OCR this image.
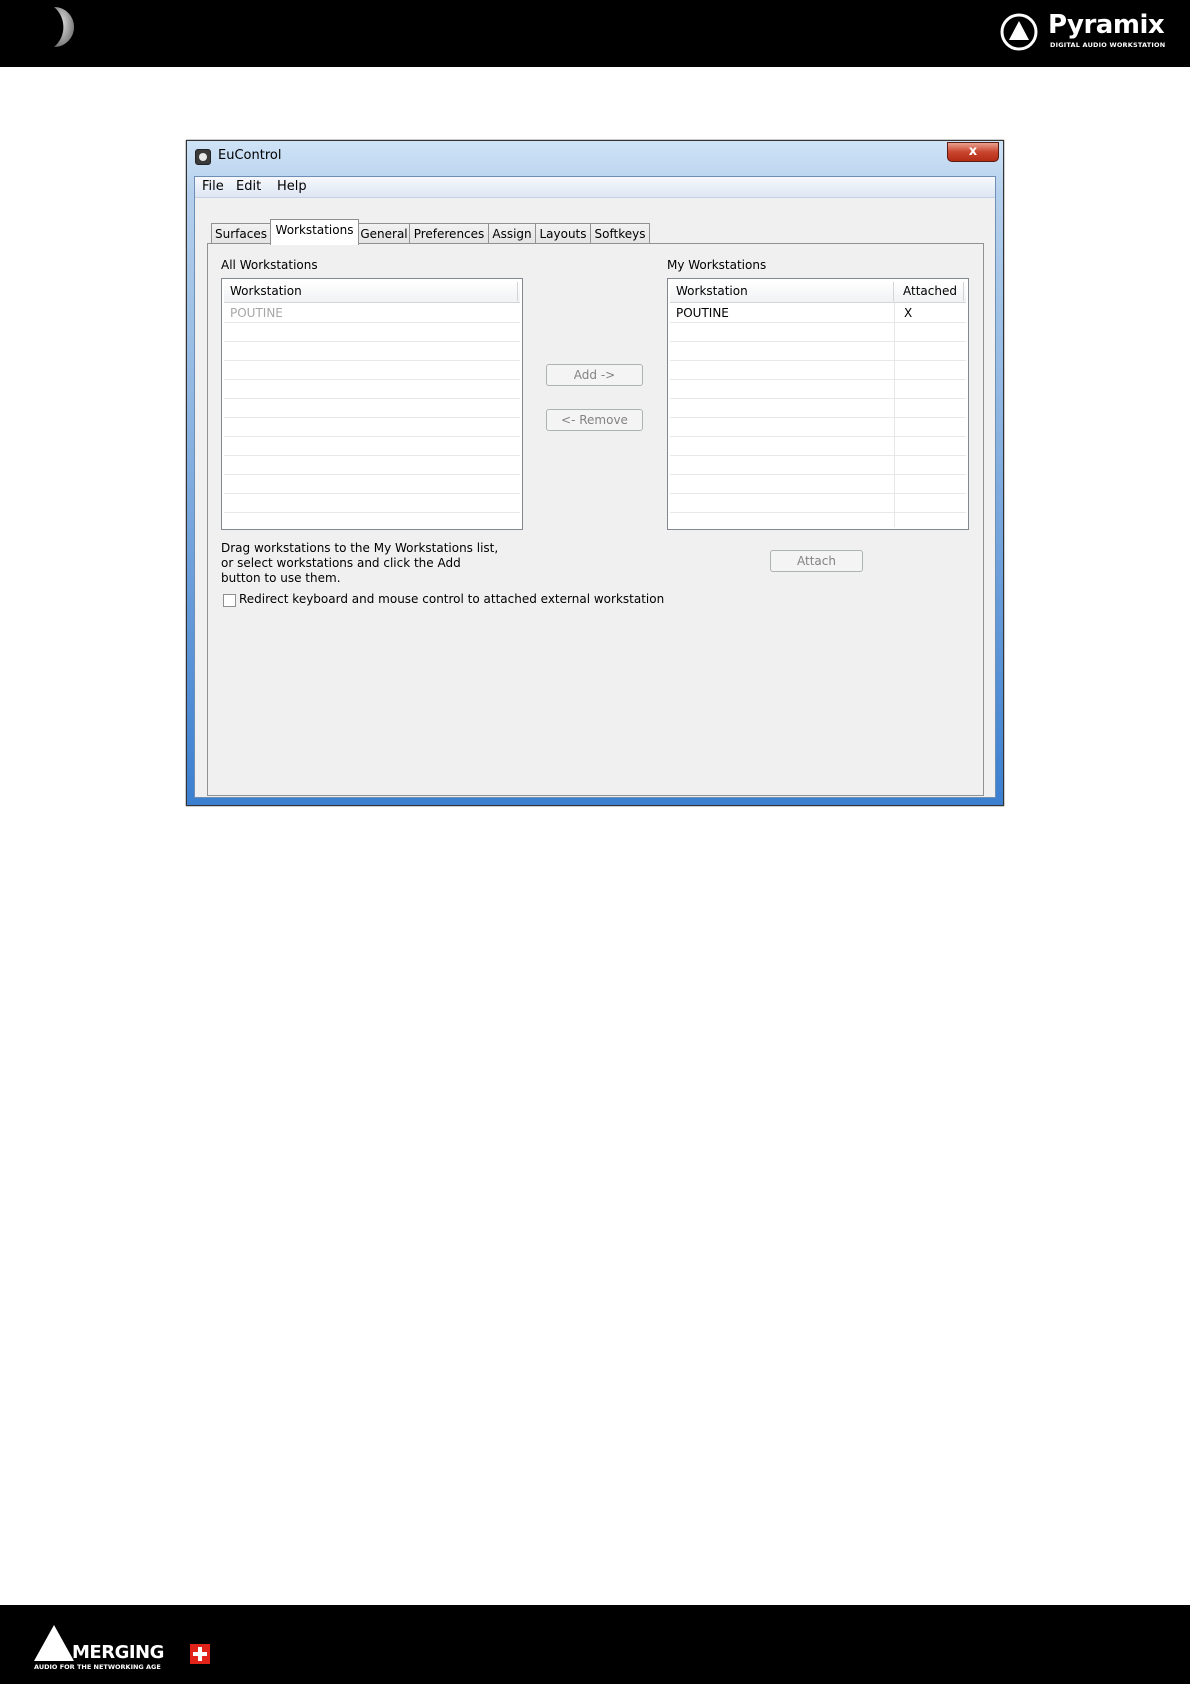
Pyramix
DIGITAL AUDIO WORKSTATION
EuControl	x
File Edit Help
Surfaces Workstations General Preferences Assign Layouts Softkeys
All Workstations
Workstation
POUTINE
Add ->
<- Remove
My Workstations
Workstation	Attached
POUTINE	X
Attach
Drag workstations to the My Workstations list, or select workstations and click the Add button to use them.
Redirect keyboard and mouse control to attached external workstation
MERGING
AUDIO FOR THE NETWORKING AGE
